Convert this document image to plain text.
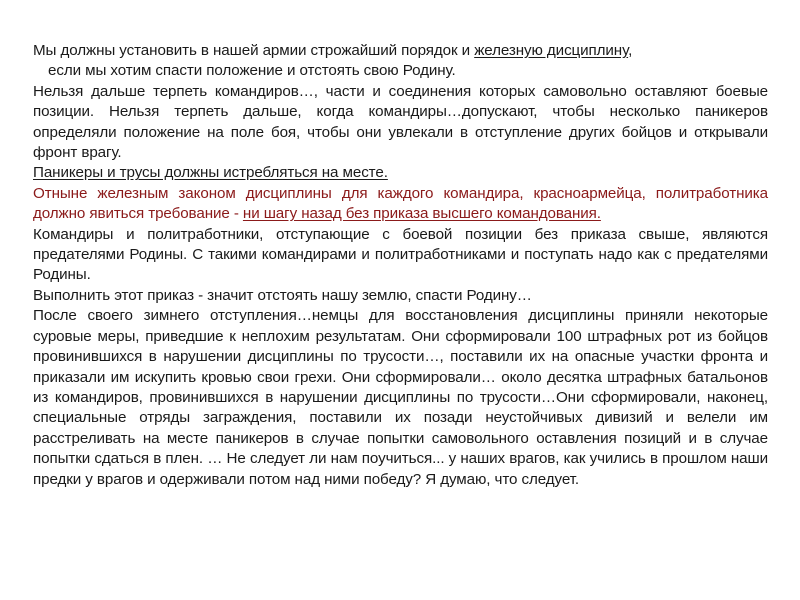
Мы должны установить в нашей армии строжайший порядок и железную дисциплину,
если мы хотим спасти положение и отстоять свою Родину.
Нельзя дальше терпеть командиров…, части и соединения которых самовольно оставляют боевые позиции. Нельзя терпеть дальше, когда командиры…допускают, чтобы несколько паникеров определяли положение на поле боя, чтобы они увлекали в отступление других бойцов и открывали фронт врагу.
Паникеры и трусы должны истребляться на месте.
Отныне железным законом дисциплины для каждого командира, красноармейца, политработника должно явиться требование - ни шагу назад без приказа высшего командования.
Командиры и политработники, отступающие с боевой позиции без приказа свыше, являются предателями Родины. С такими командирами и политработниками и поступать надо как с предателями Родины.
Выполнить этот приказ - значит отстоять нашу землю, спасти Родину…
После своего зимнего отступления…немцы для восстановления дисциплины приняли некоторые суровые меры, приведшие к неплохим результатам. Они сформировали 100 штрафных рот из бойцов провинившихся в нарушении дисциплины по трусости…, поставили их на опасные участки фронта и приказали им искупить кровью свои грехи. Они сформировали… около десятка штрафных батальонов из командиров, провинившихся в нарушении дисциплины по трусости…Они сформировали, наконец, специальные отряды заграждения, поставили их позади неустойчивых дивизий и велели им расстреливать на месте паникеров в случае попытки самовольного оставления позиций и в случае попытки сдаться в плен. … Не следует ли нам поучиться... у наших врагов, как учились в прошлом наши предки у врагов и одерживали потом над ними победу? Я думаю, что следует.
